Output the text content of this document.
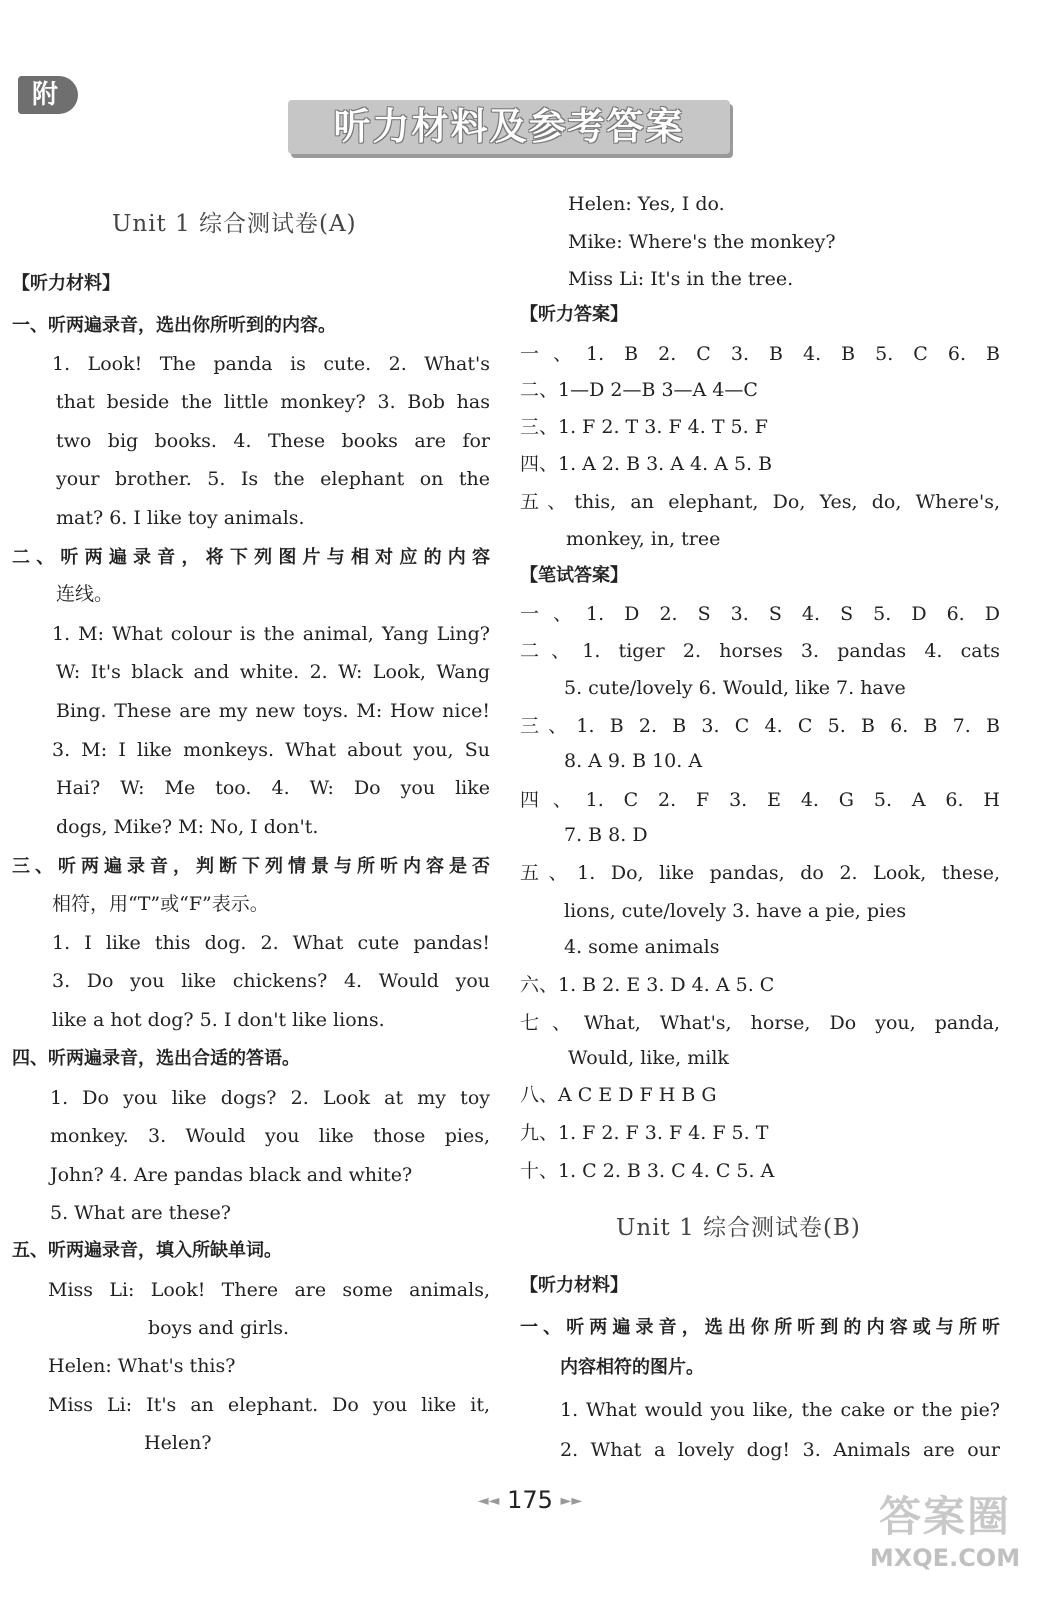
附
听力材料及参考答案
Unit 1 综合测试卷(A)
【听力材料】
一、听两遍录音，选出你所听到的内容。
1. Look! The panda is cute. 2. What's
that beside the little monkey? 3. Bob has
two big books. 4. These books are for
your brother. 5. Is the elephant on the
mat? 6. I like toy animals.
二、听两遍录音，将下列图片与相对应的内容
连线。
1. M: What colour is the animal, Yang Ling?
W: It's black and white. 2. W: Look, Wang
Bing. These are my new toys. M: How nice!
3. M: I like monkeys. What about you, Su
Hai? W: Me too. 4. W: Do you like
dogs, Mike? M: No, I don't.
三、听两遍录音，判断下列情景与所听内容是否
相符，用“T”或“F”表示。
1. I like this dog. 2. What cute pandas!
3. Do you like chickens? 4. Would you
like a hot dog? 5. I don't like lions.
四、听两遍录音，选出合适的答语。
1. Do you like dogs? 2. Look at my toy
monkey. 3. Would you like those pies,
John? 4. Are pandas black and white?
5. What are these?
五、听两遍录音，填入所缺单词。
Miss Li: Look! There are some animals,
boys and girls.
Helen: What's this?
Miss Li: It's an elephant. Do you like it,
Helen?
Helen: Yes, I do.
Mike: Where's the monkey?
Miss Li: It's in the tree.
【听力答案】
一、1. B 2. C 3. B 4. B 5. C 6. B
二、1—D 2—B 3—A 4—C
三、1. F 2. T 3. F 4. T 5. F
四、1. A 2. B 3. A 4. A 5. B
五、this, an elephant, Do, Yes, do, Where's,
monkey, in, tree
【笔试答案】
一、1. D 2. S 3. S 4. S 5. D 6. D
二、1. tiger 2. horses 3. pandas 4. cats
5. cute/lovely 6. Would, like 7. have
三、1. B 2. B 3. C 4. C 5. B 6. B 7. B
8. A 9. B 10. A
四、1. C 2. F 3. E 4. G 5. A 6. H
7. B 8. D
五、1. Do, like pandas, do 2. Look, these,
lions, cute/lovely 3. have a pie, pies
4. some animals
六、1. B 2. E 3. D 4. A 5. C
七、What, What's, horse, Do you, panda,
Would, like, milk
八、A C E D F H B G
九、1. F 2. F 3. F 4. F 5. T
十、1. C 2. B 3. C 4. C 5. A
【听力材料】
一、听两遍录音，选出你所听到的内容或与所听
内容相符的图片。
1. What would you like, the cake or the pie?
2. What a lovely dog! 3. Animals are our
Unit 1 综合测试卷(B)
◄◄ 175 ►►	答案圈
MXQE.COM
